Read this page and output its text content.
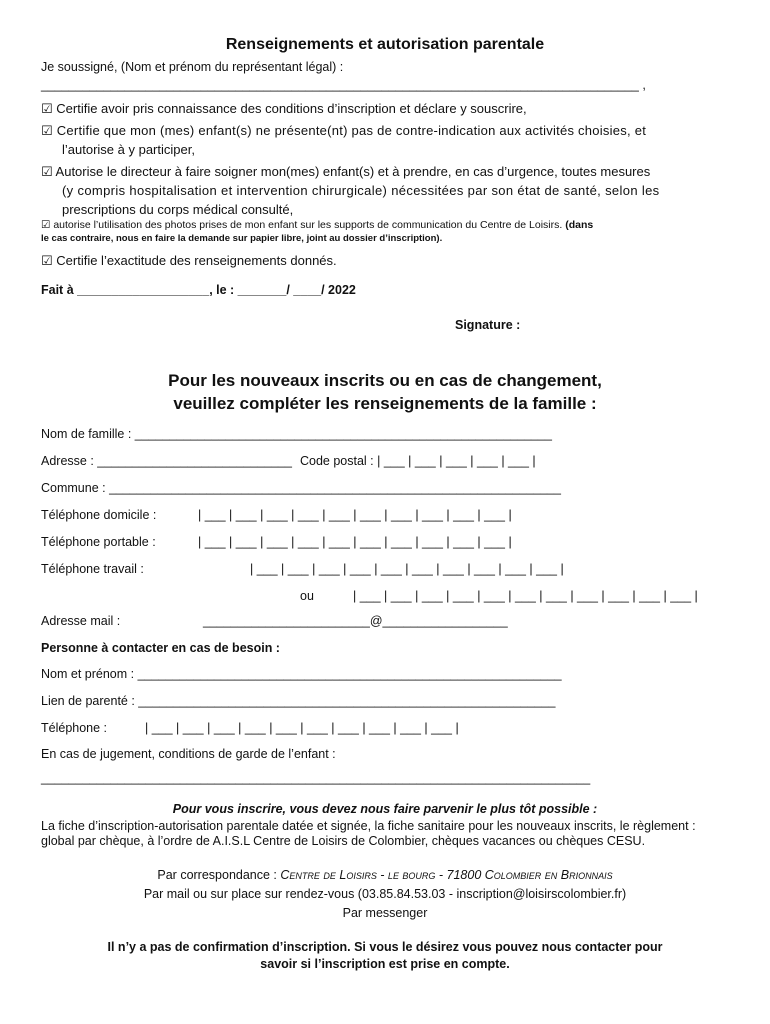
Renseignements et autorisation parentale
Je soussigné, (Nom et prénom du représentant légal) :
______________________________________________________________________________________ ,
☑ Certifie avoir pris connaissance des conditions d’inscription et déclare y souscrire,
☑ Certifie que mon (mes) enfant(s) ne présente(nt) pas de contre-indication aux activités choisies, et
l’autorise à y participer,
☑ Autorise le directeur à faire soigner mon(mes) enfant(s) et à prendre, en cas d’urgence, toutes mesures
(y compris hospitalisation et intervention chirurgicale) nécessitées par son état de santé, selon les
prescriptions du corps médical consulté,
☑ autorise l’utilisation des photos prises de mon enfant sur les supports de communication du Centre de Loisirs. (dans
le cas contraire, nous en faire la demande sur papier libre, joint au dossier d’inscription).
☑ Certifie l’exactitude des renseignements donnés.
Fait à ___________________, le : _______/ ____/ 2022
Signature :
Pour les nouveaux inscrits ou en cas de changement,
veuillez compléter les renseignements de la famille :
Nom de famille : ____________________________________________________________
Adresse : ____________________________ Code postal : | ___ | ___ | ___ | ___ | ___ |
Commune : _________________________________________________________________
Téléphone domicile :	| ___ | ___ | ___ | ___ | ___ | ___ | ___ | ___ | ___ | ___ |
Téléphone portable :	| ___ | ___ | ___ | ___ | ___ | ___ | ___ | ___ | ___ | ___ |
Téléphone travail :	| ___ | ___ | ___ | ___ | ___ | ___ | ___ | ___ | ___ | ___ |
ou	| ___ | ___ | ___ | ___ | ___ | ___ | ___ | ___ | ___ | ___ | ___ |
Adresse mail :	________________________@__________________
Personne à contacter en cas de besoin :
Nom et prénom : _____________________________________________________________
Lien de parenté : ____________________________________________________________
Téléphone :	| ___ | ___ | ___ | ___ | ___ | ___ | ___ | ___ | ___ | ___ |
En cas de jugement, conditions de garde de l’enfant :
_______________________________________________________________________________
Pour vous inscrire, vous devez nous faire parvenir le plus tôt possible :
La fiche d’inscription-autorisation parentale datée et signée, la fiche sanitaire pour les nouveaux inscrits, le règlement : global par chèque, à l’ordre de A.I.S.L Centre de Loisirs de Colombier, chèques vacances ou chèques CESU.
Par correspondance : Centre de Loisirs - le bourg - 71800 Colombier en Brionnais
Par mail ou sur place sur rendez-vous (03.85.84.53.03 - inscription@loisirscolombier.fr)
Par messenger
Il n’y a pas de confirmation d’inscription. Si vous le désirez vous pouvez nous contacter pour
savoir si l’inscription est prise en compte.
